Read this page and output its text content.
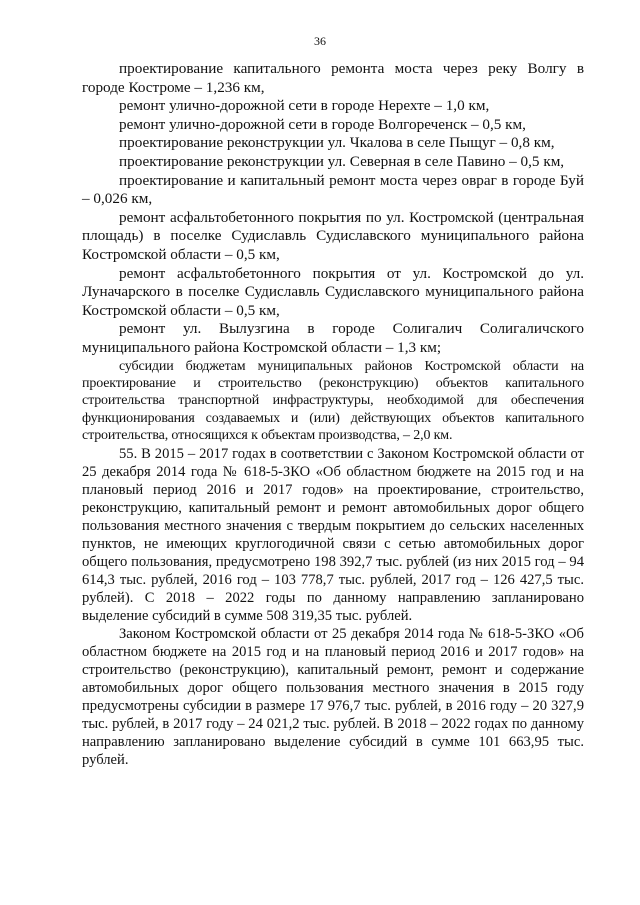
36

проектирование капитального ремонта моста через реку Волгу в городе Костроме – 1,236 км,

ремонт улично-дорожной сети в городе Нерехте – 1,0 км,

ремонт улично-дорожной сети в городе Волгореченск – 0,5 км,

проектирование реконструкции ул. Чкалова в селе Пыщуг – 0,8 км,

проектирование реконструкции ул. Северная в селе Павино – 0,5 км,

проектирование и капитальный ремонт моста через овраг в городе Буй – 0,026 км,

ремонт асфальтобетонного покрытия по ул. Костромской (центральная площадь) в поселке Судиславль Судиславского муниципального района Костромской области – 0,5 км,

ремонт асфальтобетонного покрытия от ул. Костромской до ул. Луначарского в поселке Судиславль Судиславского муниципального района Костромской области – 0,5 км,

ремонт ул. Вылузгина в городе Солигалич Солигаличского муниципального района Костромской области – 1,3 км;

субсидии бюджетам муниципальных районов Костромской области на проектирование и строительство (реконструкцию) объектов капитального строительства транспортной инфраструктуры, необходимой для обеспечения функционирования создаваемых и (или) действующих объектов капитального строительства, относящихся к объектам производства, – 2,0 км.

55. В 2015 – 2017 годах в соответствии с Законом Костромской области от 25 декабря 2014 года № 618-5-ЗКО «Об областном бюджете на 2015 год и на плановый период 2016 и 2017 годов» на проектирование, строительство, реконструкцию, капитальный ремонт и ремонт автомобильных дорог общего пользования местного значения с твердым покрытием до сельских населенных пунктов, не имеющих круглогодичной связи с сетью автомобильных дорог общего пользования, предусмотрено 198 392,7 тыс. рублей (из них 2015 год – 94 614,3 тыс. рублей, 2016 год – 103 778,7 тыс. рублей, 2017 год – 126 427,5 тыс. рублей). С 2018 – 2022 годы по данному направлению запланировано выделение субсидий в сумме 508 319,35 тыс. рублей.

Законом Костромской области от 25 декабря 2014 года № 618-5-ЗКО «Об областном бюджете на 2015 год и на плановый период 2016 и 2017 годов» на строительство (реконструкцию), капитальный ремонт, ремонт и содержание автомобильных дорог общего пользования местного значения в 2015 году предусмотрены субсидии в размере 17 976,7 тыс. рублей, в 2016 году – 20 327,9 тыс. рублей, в 2017 году – 24 021,2 тыс. рублей. В 2018 – 2022 годах по данному направлению запланировано выделение субсидий в сумме 101 663,95 тыс. рублей.
